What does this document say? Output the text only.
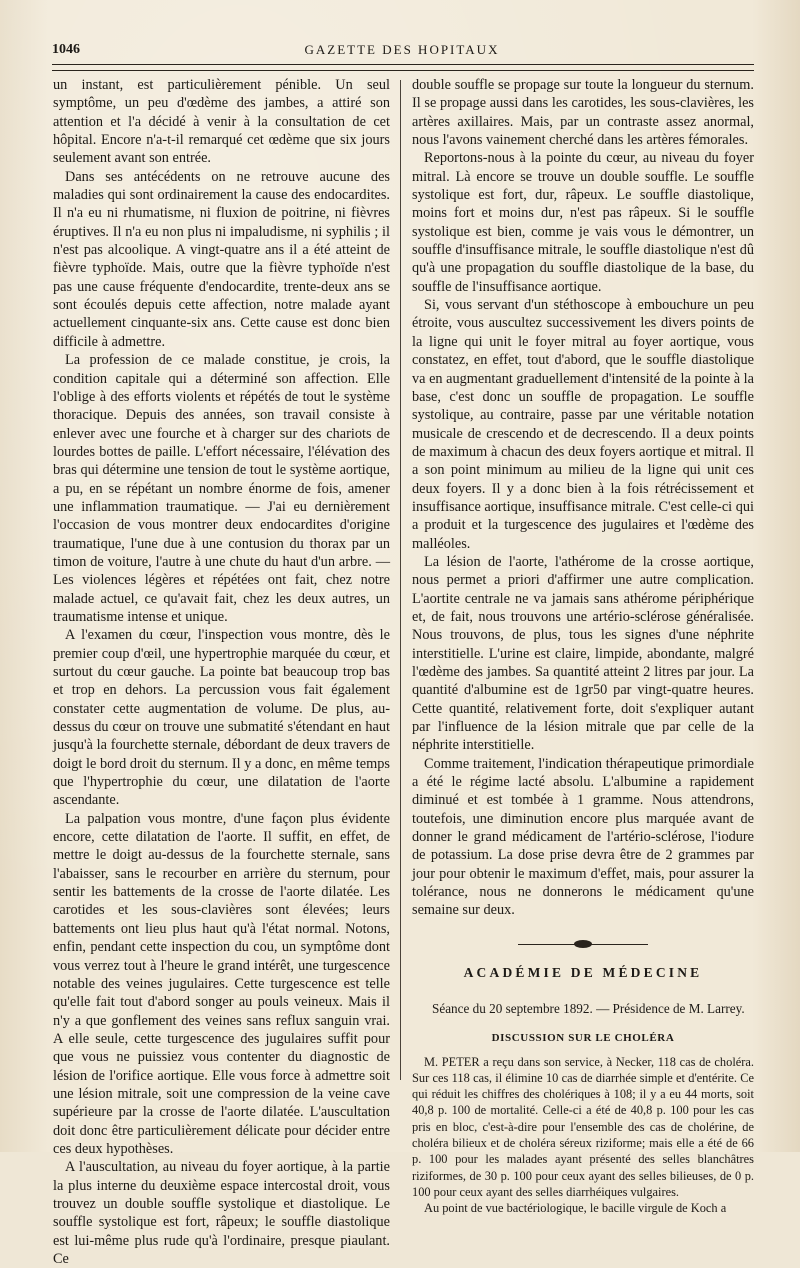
1046	GAZETTE DES HOPITAUX

un instant, est particulièrement pénible. Un seul symptôme, un peu d'œdème des jambes, a attiré son attention et l'a décidé à venir à la consultation de cet hôpital. Encore n'a-t-il remarqué cet œdème que six jours seulement avant son entrée.

Dans ses antécédents on ne retrouve aucune des maladies qui sont ordinairement la cause des endocardites. Il n'a eu ni rhumatisme, ni fluxion de poitrine, ni fièvres éruptives. Il n'a eu non plus ni impaludisme, ni syphilis ; il n'est pas alcoolique. A vingt-quatre ans il a été atteint de fièvre typhoïde. Mais, outre que la fièvre typhoïde n'est pas une cause fréquente d'endocardite, trente-deux ans se sont écoulés depuis cette affection, notre malade ayant actuellement cinquante-six ans. Cette cause est donc bien difficile à admettre.

La profession de ce malade constitue, je crois, la condition capitale qui a déterminé son affection. Elle l'oblige à des efforts violents et répétés de tout le système thoracique. Depuis des années, son travail consiste à enlever avec une fourche et à charger sur des chariots de lourdes bottes de paille. L'effort nécessaire, l'élévation des bras qui détermine une tension de tout le système aortique, a pu, en se répétant un nombre énorme de fois, amener une inflammation traumatique. — J'ai eu dernièrement l'occasion de vous montrer deux endocardites d'origine traumatique, l'une due à une contusion du thorax par un timon de voiture, l'autre à une chute du haut d'un arbre. — Les violences légères et répétées ont fait, chez notre malade actuel, ce qu'avait fait, chez les deux autres, un traumatisme intense et unique.

A l'examen du cœur, l'inspection vous montre, dès le premier coup d'œil, une hypertrophie marquée du cœur, et surtout du cœur gauche. La pointe bat beaucoup trop bas et trop en dehors. La percussion vous fait également constater cette augmentation de volume. De plus, au-dessus du cœur on trouve une submatité s'étendant en haut jusqu'à la fourchette sternale, débordant de deux travers de doigt le bord droit du sternum. Il y a donc, en même temps que l'hypertrophie du cœur, une dilatation de l'aorte ascendante.

La palpation vous montre, d'une façon plus évidente encore, cette dilatation de l'aorte. Il suffit, en effet, de mettre le doigt au-dessus de la fourchette sternale, sans l'abaisser, sans le recourber en arrière du sternum, pour sentir les battements de la crosse de l'aorte dilatée. Les carotides et les sous-clavières sont élevées; leurs battements ont lieu plus haut qu'à l'état normal. Notons, enfin, pendant cette inspection du cou, un symptôme dont vous verrez tout à l'heure le grand intérêt, une turgescence notable des veines jugulaires. Cette turgescence est telle qu'elle fait tout d'abord songer au pouls veineux. Mais il n'y a que gonflement des veines sans reflux sanguin vrai. A elle seule, cette turgescence des jugulaires suffit pour que vous ne puissiez vous contenter du diagnostic de lésion de l'orifice aortique. Elle vous force à admettre soit une lésion mitrale, soit une compression de la veine cave supérieure par la crosse de l'aorte dilatée. L'auscultation doit donc être particulièrement délicate pour décider entre ces deux hypothèses.

A l'auscultation, au niveau du foyer aortique, à la partie la plus interne du deuxième espace intercostal droit, vous trouvez un double souffle systolique et diastolique. Le souffle systolique est fort, râpeux; le souffle diastolique est lui-même plus rude qu'à l'ordinaire, presque piaulant. Ce

double souffle se propage sur toute la longueur du sternum. Il se propage aussi dans les carotides, les sous-clavières, les artères axillaires. Mais, par un contraste assez anormal, nous l'avons vainement cherché dans les artères fémorales.

Reportons-nous à la pointe du cœur, au niveau du foyer mitral. Là encore se trouve un double souffle. Le souffle systolique est fort, dur, râpeux. Le souffle diastolique, moins fort et moins dur, n'est pas râpeux. Si le souffle systolique est bien, comme je vais vous le démontrer, un souffle d'insuffisance mitrale, le souffle diastolique n'est dû qu'à une propagation du souffle diastolique de la base, du souffle de l'insuffisance aortique.

Si, vous servant d'un stéthoscope à embouchure un peu étroite, vous auscultez successivement les divers points de la ligne qui unit le foyer mitral au foyer aortique, vous constatez, en effet, tout d'abord, que le souffle diastolique va en augmentant graduellement d'intensité de la pointe à la base, c'est donc un souffle de propagation. Le souffle systolique, au contraire, passe par une véritable notation musicale de crescendo et de decrescendo. Il a deux points de maximum à chacun des deux foyers aortique et mitral. Il a son point minimum au milieu de la ligne qui unit ces deux foyers. Il y a donc bien à la fois rétrécissement et insuffisance aortique, insuffisance mitrale. C'est celle-ci qui a produit et la turgescence des jugulaires et l'œdème des malléoles.

La lésion de l'aorte, l'athérome de la crosse aortique, nous permet a priori d'affirmer une autre complication. L'aortite centrale ne va jamais sans athérome périphérique et, de fait, nous trouvons une artério-sclérose généralisée. Nous trouvons, de plus, tous les signes d'une néphrite interstitielle. L'urine est claire, limpide, abondante, malgré l'œdème des jambes. Sa quantité atteint 2 litres par jour. La quantité d'albumine est de 1gr50 par vingt-quatre heures. Cette quantité, relativement forte, doit s'expliquer autant par l'influence de la lésion mitrale que par celle de la néphrite interstitielle.

Comme traitement, l'indication thérapeutique primordiale a été le régime lacté absolu. L'albumine a rapidement diminué et est tombée à 1 gramme. Nous attendrons, toutefois, une diminution encore plus marquée avant de donner le grand médicament de l'artério-sclérose, l'iodure de potassium. La dose prise devra être de 2 grammes par jour pour obtenir le maximum d'effet, mais, pour assurer la tolérance, nous ne donnerons le médicament qu'une semaine sur deux.

ACADÉMIE DE MÉDECINE

Séance du 20 septembre 1892. — Présidence de M. Larrey.

DISCUSSION SUR LE CHOLÉRA

M. PETER a reçu dans son service, à Necker, 118 cas de choléra. Sur ces 118 cas, il élimine 10 cas de diarrhée simple et d'entérite. Ce qui réduit les chiffres des cholériques à 108; il y a eu 44 morts, soit 40,8 p. 100 de mortalité. Celle-ci a été de 40,8 p. 100 pour les cas pris en bloc, c'est-à-dire pour l'ensemble des cas de cholérine, de choléra bilieux et de choléra séreux riziforme; mais elle a été de 66 p. 100 pour les malades ayant présenté des selles blanchâtres riziformes, de 30 p. 100 pour ceux ayant des selles bilieuses, de 0 p. 100 pour ceux ayant des selles diarrhéiques vulgaires.

Au point de vue bactériologique, le bacille virgule de Koch a
